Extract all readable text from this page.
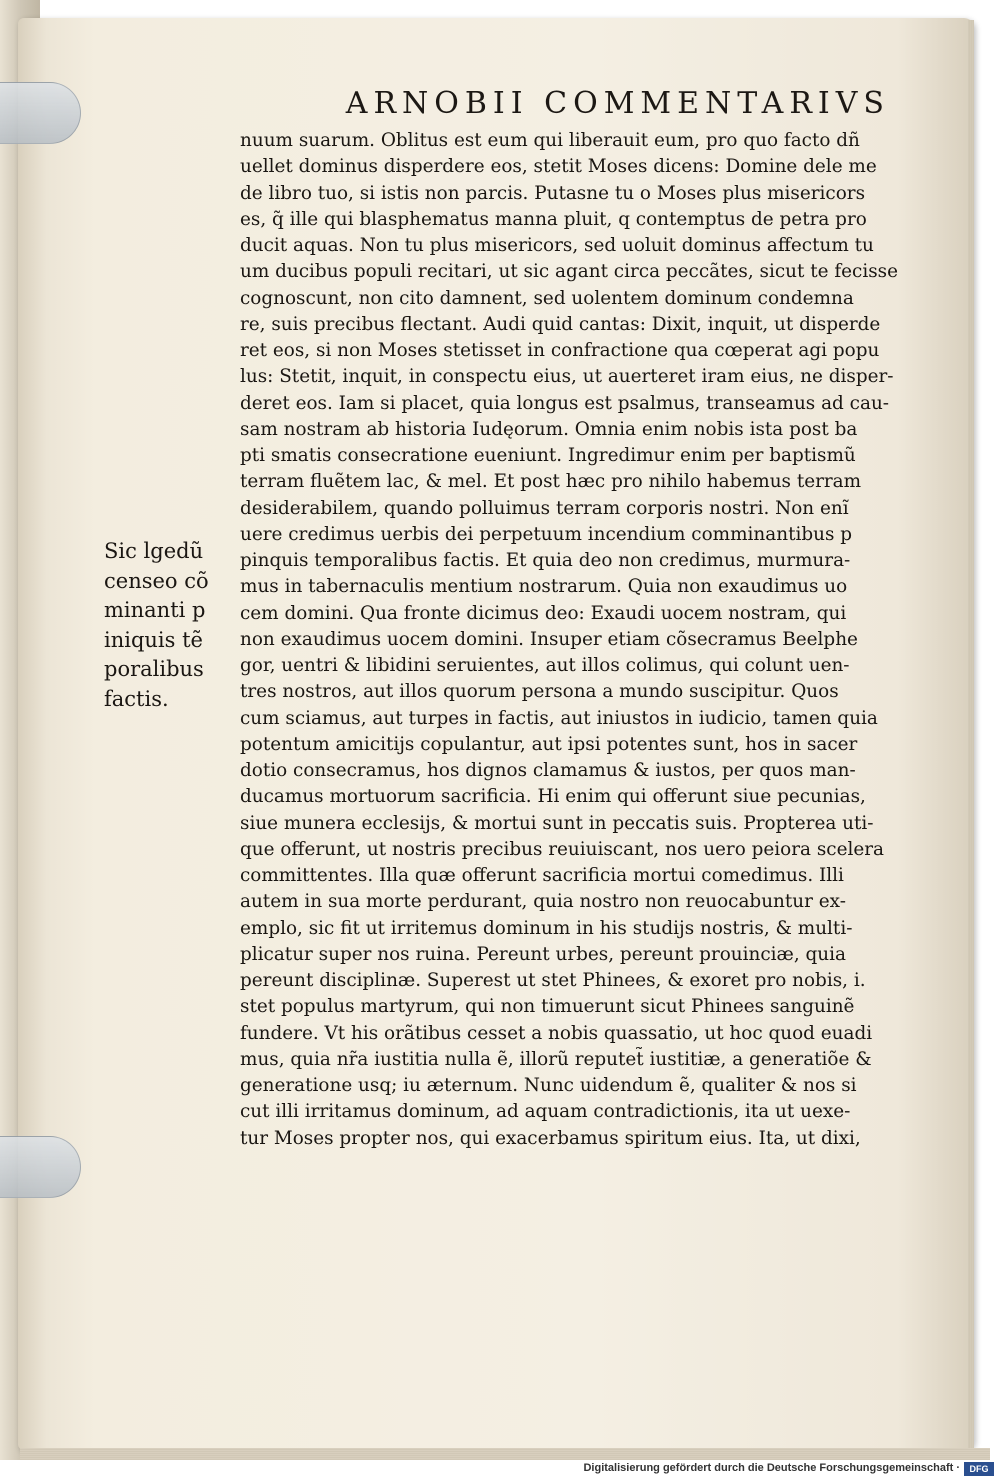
ARNOBII COMMENTARIVS
Sic lgedũ
censeo cõ
minanti p
iniquis tẽ
poralibus
factis.
nuum suarum. Oblitus est eum qui liberauit eum, pro quo facto dñ
uellet dominus disperdere eos, stetit Moses dicens: Domine dele me
de libro tuo, si istis non parcis. Putasne tu o Moses plus misericors
es, q̃ ille qui blasphematus manna pluit, q contemptus de petra pro
ducit aquas. Non tu plus misericors, sed uoluit dominus affectum tu
um ducibus populi recitari, ut sic agant circa peccãtes, sicut te fecisse
cognoscunt, non cito damnent, sed uolentem dominum condemna
re, suis precibus flectant. Audi quid cantas: Dixit, inquit, ut disperde
ret eos, si non Moses stetisset in confractione qua cœperat agi popu
lus: Stetit, inquit, in conspectu eius, ut auerteret iram eius, ne disper-
deret eos. Iam si placet, quia longus est psalmus, transeamus ad cau-
sam nostram ab historia Iudęorum. Omnia enim nobis ista post ba
pti smatis consecratione eueniunt. Ingredimur enim per baptismũ
terram fluẽtem lac, & mel. Et post hæc pro nihilo habemus terram
desiderabilem, quando polluimus terram corporis nostri. Non enĩ
uere credimus uerbis dei perpetuum incendium comminantibus p
pinquis temporalibus factis. Et quia deo non credimus, murmura-
mus in tabernaculis mentium nostrarum. Quia non exaudimus uo
cem domini. Qua fronte dicimus deo: Exaudi uocem nostram, qui
non exaudimus uocem domini. Insuper etiam cõsecramus Beelphe
gor, uentri & libidini seruientes, aut illos colimus, qui colunt uen-
tres nostros, aut illos quorum persona a mundo suscipitur. Quos
cum sciamus, aut turpes in factis, aut iniustos in iudicio, tamen quia
potentum amicitijs copulantur, aut ipsi potentes sunt, hos in sacer
dotio consecramus, hos dignos clamamus & iustos, per quos man-
ducamus mortuorum sacrificia. Hi enim qui offerunt siue pecunias,
siue munera ecclesijs, & mortui sunt in peccatis suis. Propterea uti-
que offerunt, ut nostris precibus reuiuiscant, nos uero peiora scelera
committentes. Illa quæ offerunt sacrificia mortui comedimus. Illi
autem in sua morte perdurant, quia nostro non reuocabuntur ex-
emplo, sic fit ut irritemus dominum in his studijs nostris, & multi-
plicatur super nos ruina. Pereunt urbes, pereunt prouinciæ, quia
pereunt disciplinæ. Superest ut stet Phinees, & exoret pro nobis, i.
stet populus martyrum, qui non timuerunt sicut Phinees sanguinẽ
fundere. Vt his orãtibus cesset a nobis quassatio, ut hoc quod euadi
mus, quia nr̃a iustitia nulla ẽ, illorũ reputet̃ iustitiæ, a generatiõe &
generatione usq; iu æternum. Nunc uidendum ẽ, qualiter & nos si
cut illi irritamus dominum, ad aquam contradictionis, ita ut uexe-
tur Moses propter nos, qui exacerbamus spiritum eius. Ita, ut dixi,
Digitalisierung gefördert durch die Deutsche Forschungsgemeinschaft ·	DFG
